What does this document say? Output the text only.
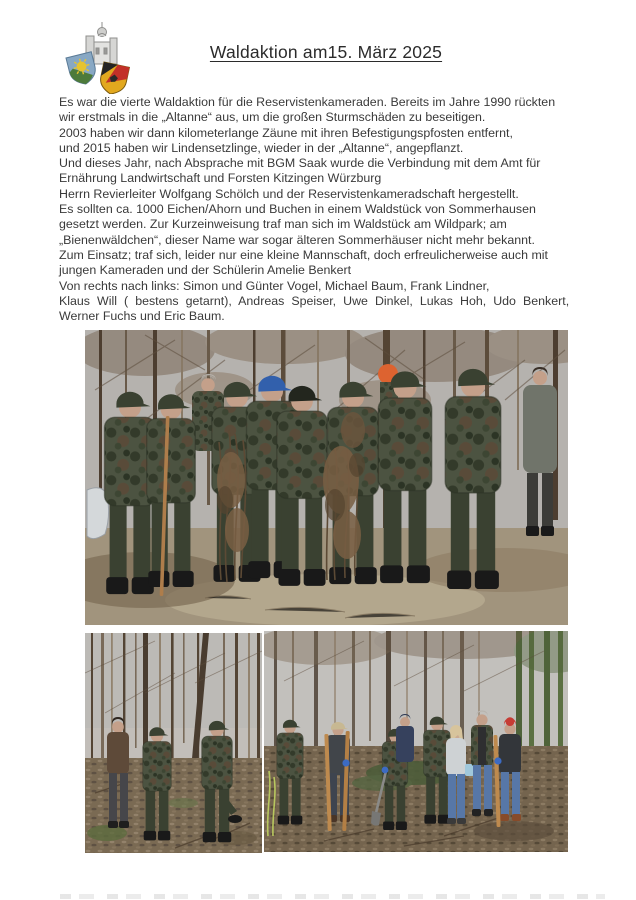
Waldaktion am15. März 2025
Es war die vierte Waldaktion für die Reservistenkameraden. Bereits im Jahre 1990 rückten
wir erstmals in die „Altanne“ aus, um die großen Sturmschäden zu beseitigen.
2003 haben wir dann kilometerlange Zäune mit ihren Befestigungspfosten entfernt,
und 2015 haben wir Lindensetzlinge, wieder in der „Altanne“, angepflanzt.
Und dieses Jahr, nach Absprache mit BGM Saak wurde die Verbindung mit dem Amt für
Ernährung Landwirtschaft und Forsten Kitzingen Würzburg
Herrn Revierleiter Wolfgang Schölch und der Reservistenkameradschaft hergestellt.
Es sollten ca. 1000 Eichen/Ahorn und Buchen in einem Waldstück von Sommerhausen
gesetzt werden. Zur Kurzeinweisung traf man sich im Waldstück am Wildpark; am
„Bienenwäldchen“, dieser Name war sogar älteren Sommerhäuser nicht mehr bekannt.
Zum Einsatz; traf sich, leider nur eine kleine Mannschaft, doch erfreulicherweise auch mit
jungen Kameraden und der Schülerin Amelie Benkert
Von rechts nach links: Simon und Günter Vogel, Michael Baum, Frank Lindner,
Klaus Will ( bestens getarnt), Andreas Speiser, Uwe Dinkel, Lukas Hoh, Udo Benkert,
Werner Fuchs und Eric Baum.
